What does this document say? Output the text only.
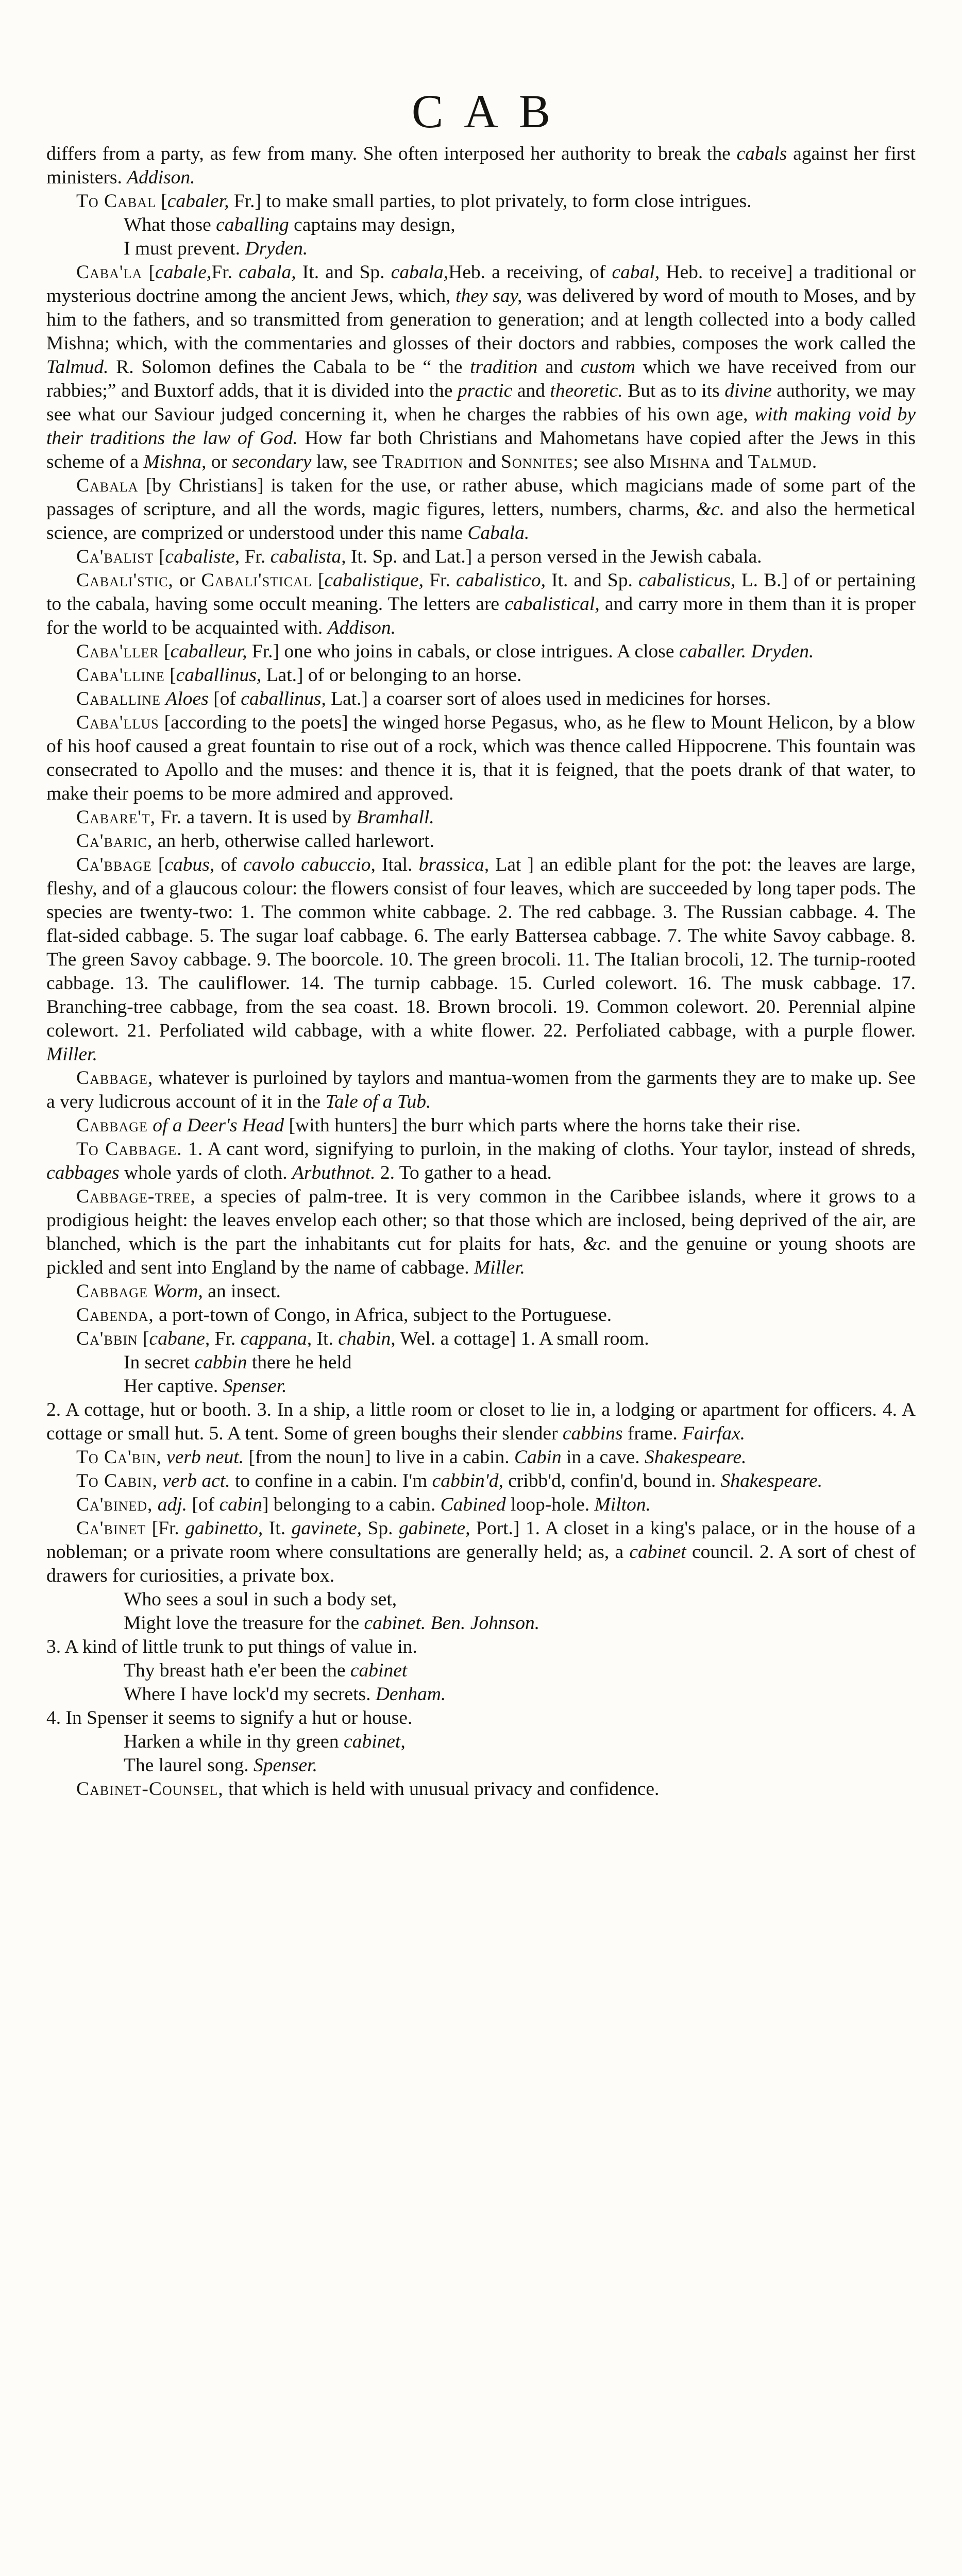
CAB

differs from a party, as few from many. She often interposed her authority to break the cabals against her first ministers. Addison.

To Cabal [cabaler, Fr.] to make small parties, to plot privately, to form close intrigues.

What those caballing captains may design,

I must prevent. Dryden.

Caba'la [cabale,Fr. cabala, It. and Sp. cabala,Heb. a receiving, of cabal, Heb. to receive] a traditional or mysterious doctrine among the ancient Jews, which, they say, was delivered by word of mouth to Moses, and by him to the fathers, and so transmitted from generation to generation; and at length collected into a body called Mishna; which, with the commentaries and glosses of their doctors and rabbies, composes the work called the Talmud. R. Solomon defines the Cabala to be “ the tradition and custom which we have received from our rabbies;” and Buxtorf adds, that it is divided into the practic and theoretic. But as to its divine authority, we may see what our Saviour judged concerning it, when he charges the rabbies of his own age, with making void by their traditions the law of God. How far both Christians and Mahometans have copied after the Jews in this scheme of a Mishna, or secondary law, see Tradition and Sonnites; see also Mishna and Talmud.

Cabala [by Christians] is taken for the use, or rather abuse, which magicians made of some part of the passages of scripture, and all the words, magic figures, letters, numbers, charms, &c. and also the hermetical science, are comprized or understood under this name Cabala.

Ca'balist [cabaliste, Fr. cabalista, It. Sp. and Lat.] a person versed in the Jewish cabala.

Cabali'stic, or Cabali'stical [cabalistique, Fr. cabalistico, It. and Sp. cabalisticus, L. B.] of or pertaining to the cabala, having some occult meaning. The letters are cabalistical, and carry more in them than it is proper for the world to be acquainted with. Addison.

Caba'ller [caballeur, Fr.] one who joins in cabals, or close intrigues. A close caballer. Dryden.

Caba'lline [caballinus, Lat.] of or belonging to an horse.

Caballine Aloes [of caballinus, Lat.] a coarser sort of aloes used in medicines for horses.

Caba'llus [according to the poets] the winged horse Pegasus, who, as he flew to Mount Helicon, by a blow of his hoof caused a great fountain to rise out of a rock, which was thence called Hippocrene. This fountain was consecrated to Apollo and the muses: and thence it is, that it is feigned, that the poets drank of that water, to make their poems to be more admired and approved.

Cabare't, Fr. a tavern. It is used by Bramhall.

Ca'baric, an herb, otherwise called harlewort.

Ca'bbage [cabus, of cavolo cabuccio, Ital. brassica, Lat ] an edible plant for the pot: the leaves are large, fleshy, and of a glaucous colour: the flowers consist of four leaves, which are succeeded by long taper pods. The species are twenty-two: 1. The common white cabbage. 2. The red cabbage. 3. The Russian cabbage. 4. The flat-sided cabbage. 5. The sugar loaf cabbage. 6. The early Battersea cabbage. 7. The white Savoy cabbage. 8. The green Savoy cabbage. 9. The boorcole. 10. The green brocoli. 11. The Italian brocoli, 12. The turnip-rooted cabbage. 13. The cauliflower. 14. The turnip cabbage. 15. Curled colewort. 16. The musk cabbage. 17. Branching-tree cabbage, from the sea coast. 18. Brown brocoli. 19. Common colewort. 20. Perennial alpine colewort. 21. Perfoliated wild cabbage, with a white flower. 22. Perfoliated cabbage, with a purple flower. Miller.

Cabbage, whatever is purloined by taylors and mantua-women from the garments they are to make up. See a very ludicrous account of it in the Tale of a Tub.

Cabbage of a Deer's Head [with hunters] the burr which parts where the horns take their rise.

To Cabbage. 1. A cant word, signifying to purloin, in the making of cloths. Your taylor, instead of shreds, cabbages whole yards of cloth. Arbuthnot. 2. To gather to a head.

Cabbage-tree, a species of palm-tree. It is very common in the Caribbee islands, where it grows to a prodigious height: the leaves envelop each other; so that those which are inclosed, being deprived of the air, are blanched, which is the part the inhabitants cut for plaits for hats, &c. and the genuine or young shoots are pickled and sent into England by the name of cabbage. Miller.

Cabbage Worm, an insect.

Cabenda, a port-town of Congo, in Africa, subject to the Portuguese.

Ca'bbin [cabane, Fr. cappana, It. chabin, Wel. a cottage] 1. A small room.

In secret cabbin there he held

Her captive. Spenser.

2. A cottage, hut or booth. 3. In a ship, a little room or closet to lie in, a lodging or apartment for officers. 4. A cottage or small hut. 5. A tent. Some of green boughs their slender cabbins frame. Fairfax.

To Ca'bin, verb neut. [from the noun] to live in a cabin. Cabin in a cave. Shakespeare.

To Cabin, verb act. to confine in a cabin. I'm cabbin'd, cribb'd, confin'd, bound in. Shakespeare.

Ca'bined, adj. [of cabin] belonging to a cabin. Cabined loop-hole. Milton.

Ca'binet [Fr. gabinetto, It. gavinete, Sp. gabinete, Port.] 1. A closet in a king's palace, or in the house of a nobleman; or a private room where consultations are generally held; as, a cabinet council. 2. A sort of chest of drawers for curiosities, a private box.

Who sees a soul in such a body set,

Might love the treasure for the cabinet. Ben. Johnson.

3. A kind of little trunk to put things of value in.

Thy breast hath e'er been the cabinet

Where I have lock'd my secrets. Denham.

4. In Spenser it seems to signify a hut or house.

Harken a while in thy green cabinet,

The laurel song. Spenser.

Cabinet-Counsel, that which is held with unusual privacy and confidence.
